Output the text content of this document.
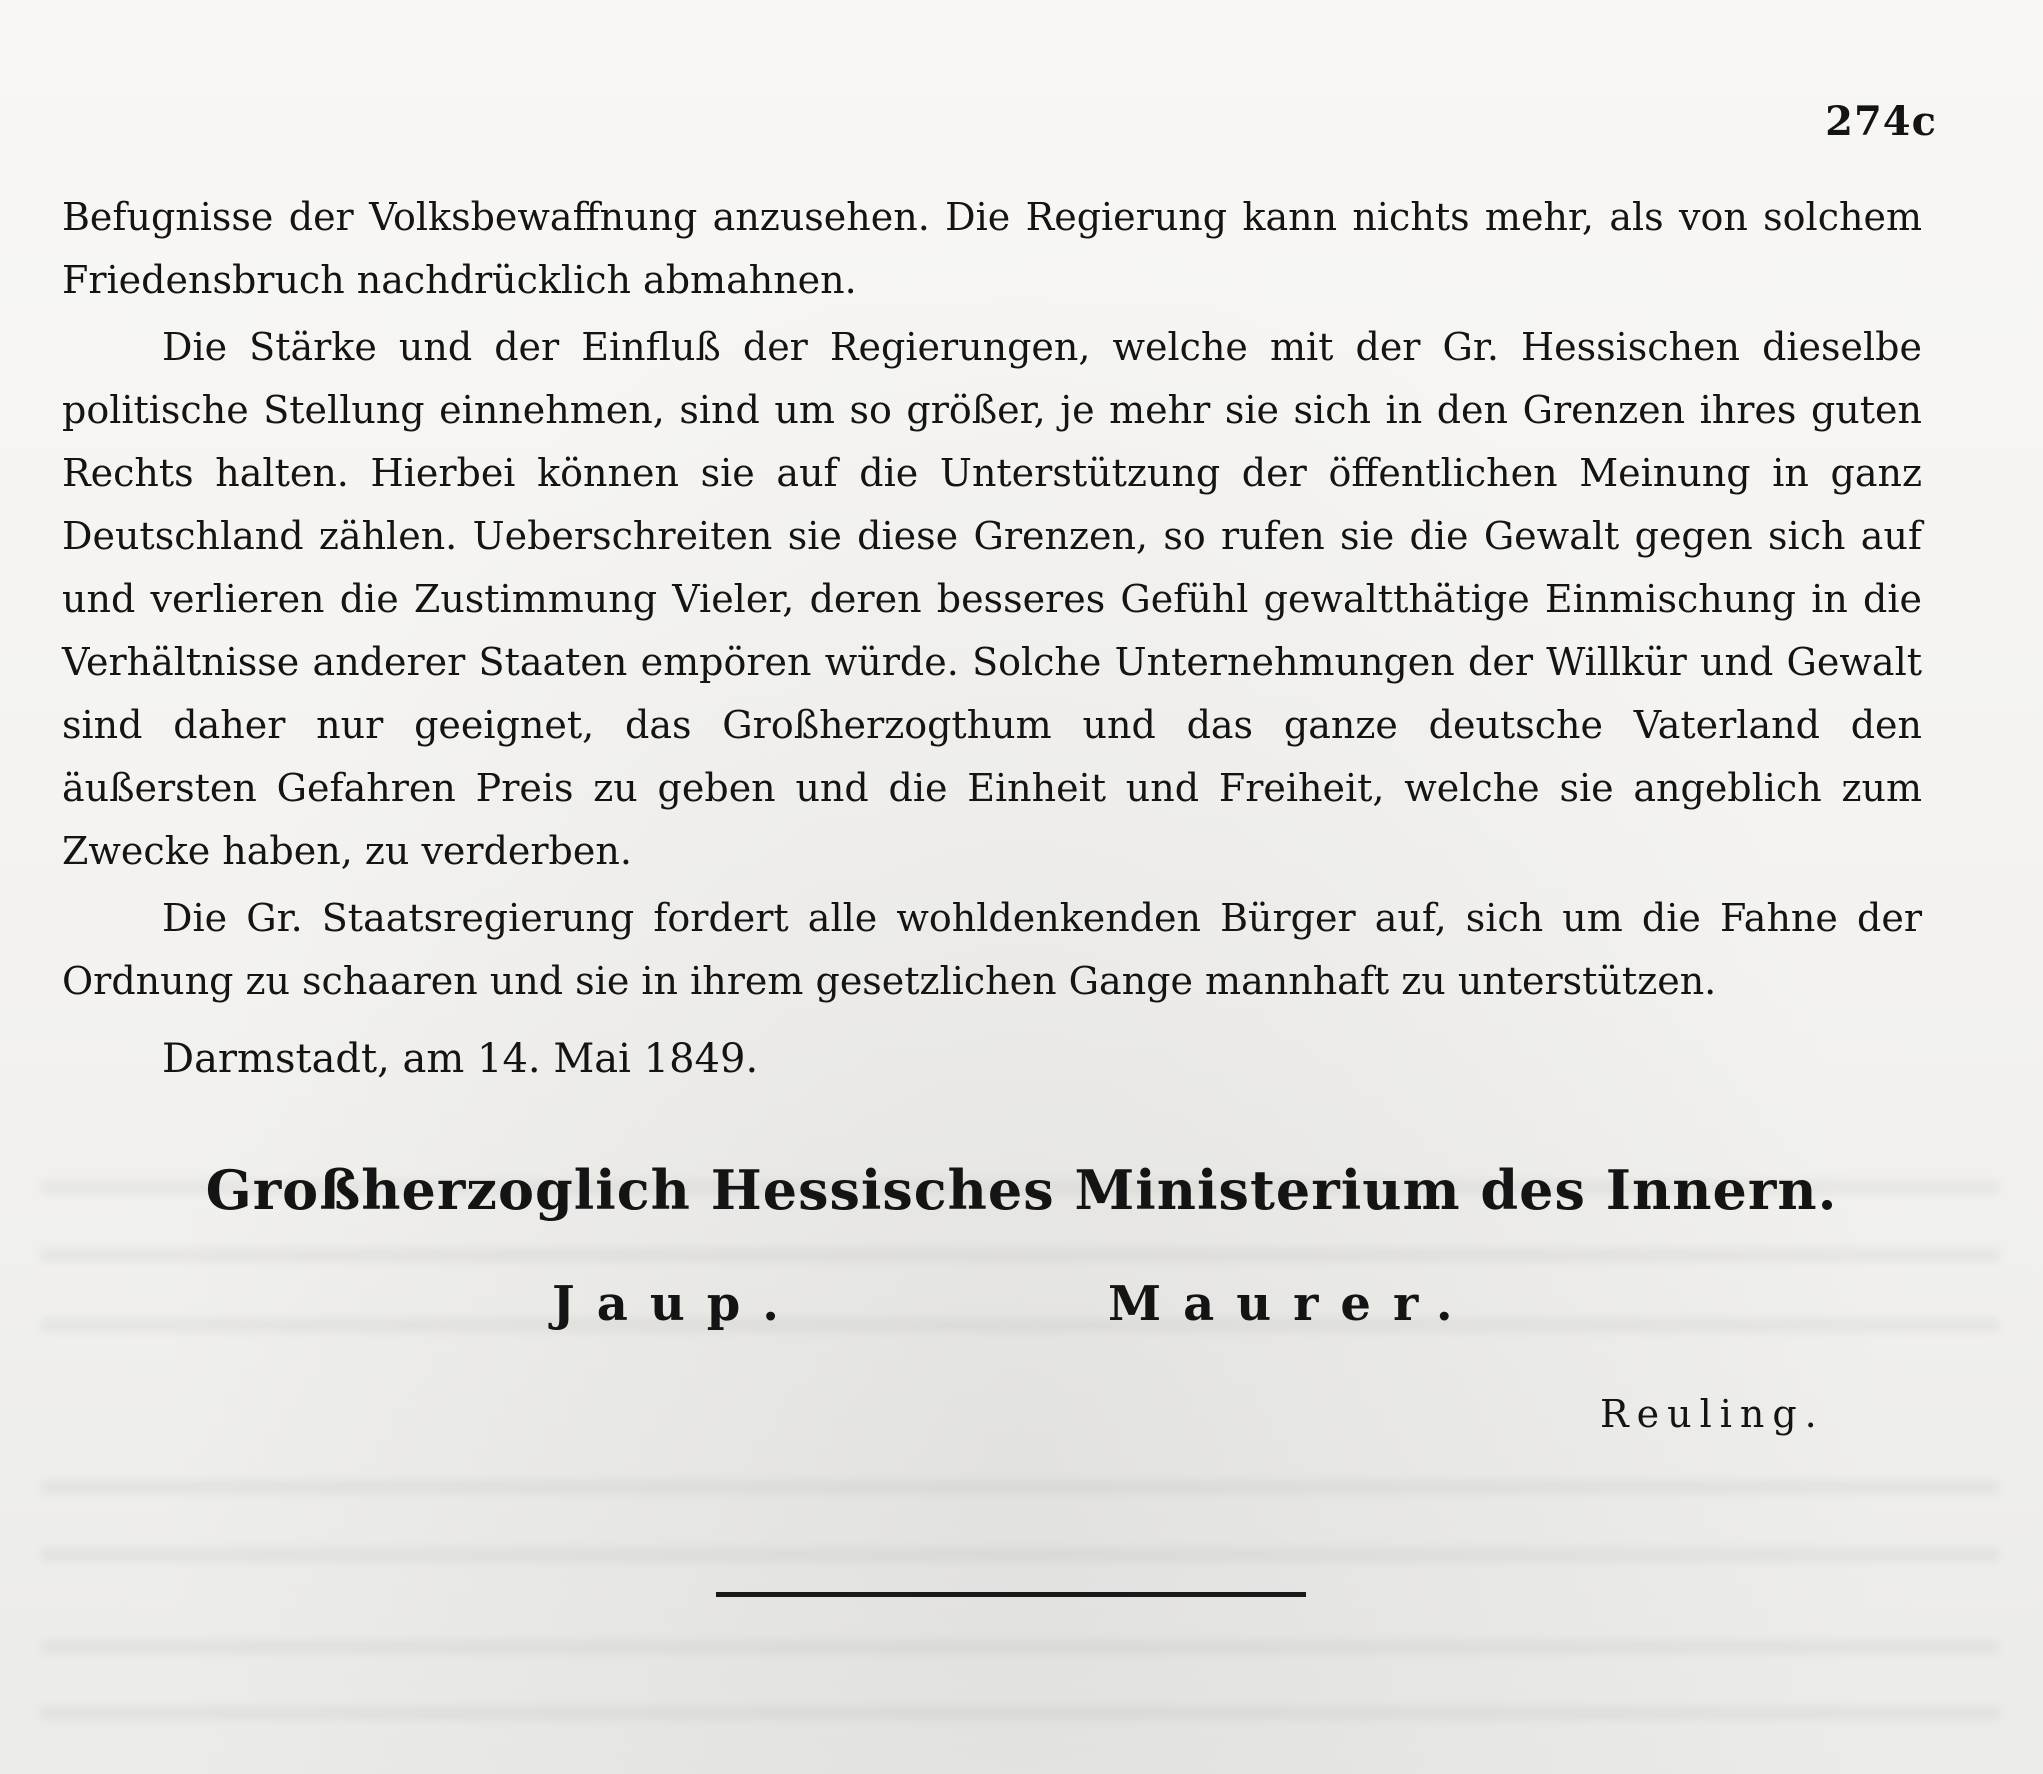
274c

Befugnisse der Volksbewaffnung anzusehen. Die Regierung kann nichts mehr, als von solchem Friedensbruch nachdrücklich abmahnen.

Die Stärke und der Einfluß der Regierungen, welche mit der Gr. Hessischen dieselbe politische Stellung einnehmen, sind um so größer, je mehr sie sich in den Grenzen ihres guten Rechts halten. Hierbei können sie auf die Unterstützung der öffentlichen Meinung in ganz Deutschland zählen. Ueberschreiten sie diese Grenzen, so rufen sie die Gewalt gegen sich auf und verlieren die Zustimmung Vieler, deren besseres Gefühl gewaltthätige Einmischung in die Verhältnisse anderer Staaten empören würde. Solche Unternehmungen der Willkür und Gewalt sind daher nur geeignet, das Großherzogthum und das ganze deutsche Vaterland den äußersten Gefahren Preis zu geben und die Einheit und Freiheit, welche sie angeblich zum Zwecke haben, zu verderben.

Die Gr. Staatsregierung fordert alle wohldenkenden Bürger auf, sich um die Fahne der Ordnung zu schaaren und sie in ihrem gesetzlichen Gange mannhaft zu unterstützen.

Darmstadt, am 14. Mai 1849.
Großherzoglich Hessisches Ministerium des Innern.
Jaup.	Maurer.
Reuling.
